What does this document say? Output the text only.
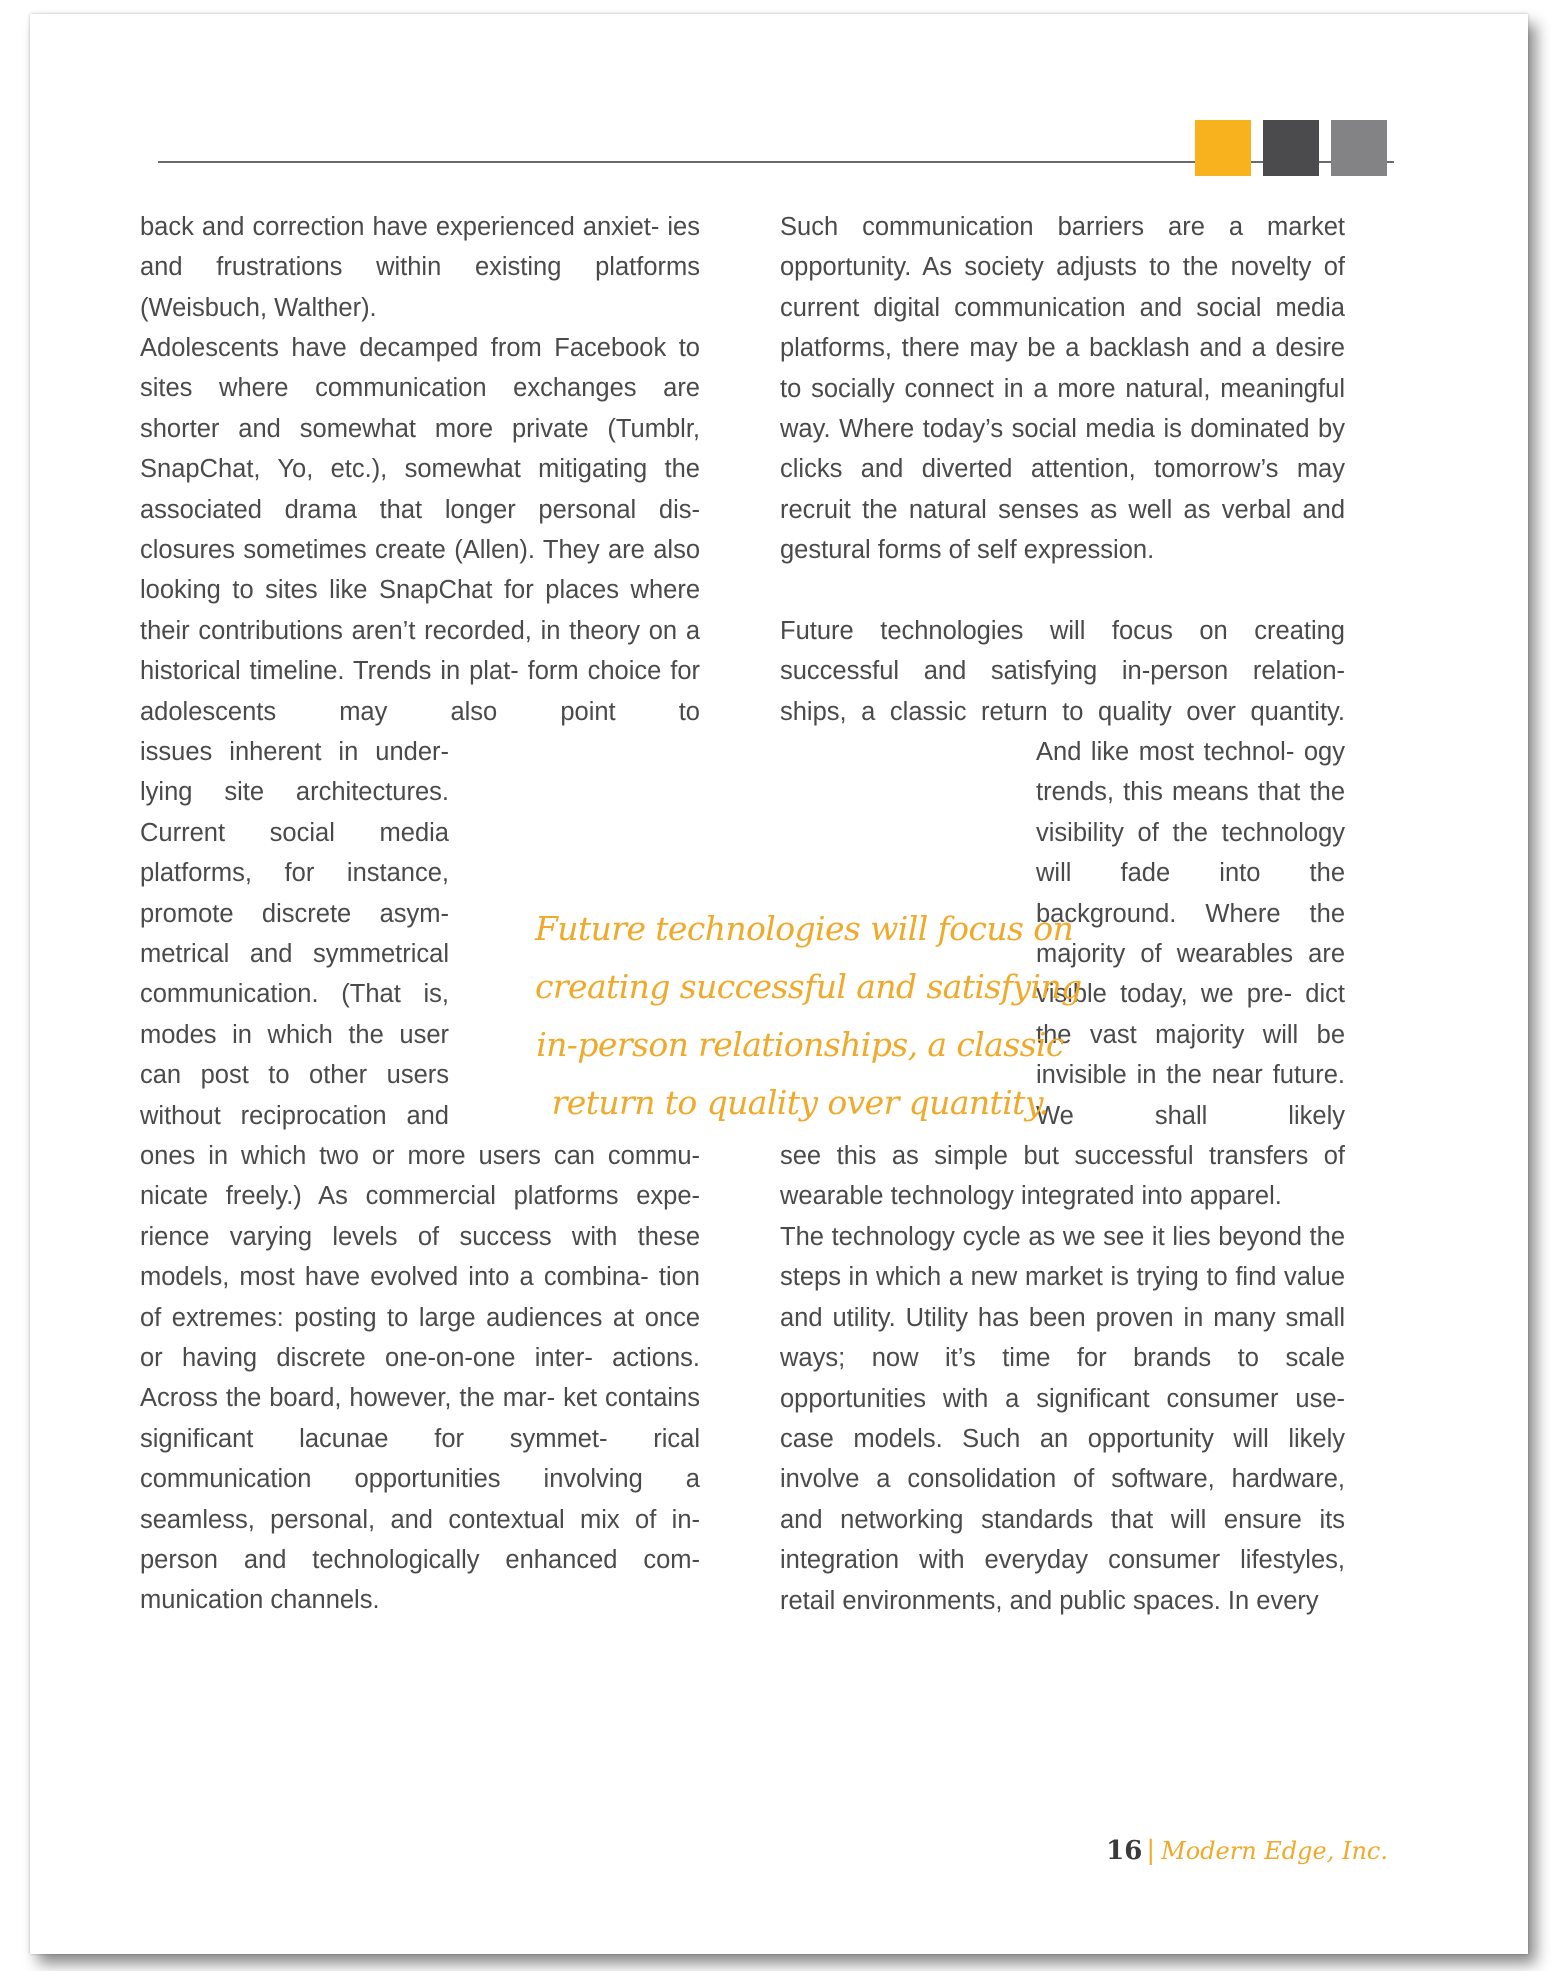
back and correction have experienced anxiet- ies and frustrations within existing platforms (Weisbuch, Walther).
Adolescents have decamped from Facebook to sites where communication exchanges are shorter and somewhat more private (Tumblr, SnapChat, Yo, etc.), somewhat mitigating the associated drama that longer personal dis- closures sometimes create (Allen). They are also looking to sites like SnapChat for places where their contributions aren’t recorded, in theory on a historical timeline. Trends in plat- form choice for adolescents may also point to
issues inherent in under- lying site architectures. Current social media platforms, for instance, promote discrete asym- metrical and symmetrical communication. (That is, modes in which the user can post to other users without reciprocation and
ones in which two or more users can commu- nicate freely.) As commercial platforms expe- rience varying levels of success with these models, most have evolved into a combina- tion of extremes: posting to large audiences at once or having discrete one-on-one inter- actions. Across the board, however, the mar- ket contains significant lacunae for symmet- rical communication opportunities involving a seamless, personal, and contextual mix of in-person and technologically enhanced com- munication channels.
Such communication barriers are a market opportunity. As society adjusts to the novelty of current digital communication and social media platforms, there may be a backlash and a desire to socially connect in a more natural, meaningful way. Where today’s social media is dominated by clicks and diverted attention, tomorrow’s may recruit the natural senses as well as verbal and gestural forms of self expression.
Future technologies will focus on creating successful and satisfying in-person relation- ships, a classic return to quality over quantity.
And like most technol- ogy trends, this means that the visibility of the technology will fade into the background. Where the majority of wearables are visible today, we pre- dict the vast majority will be invisible in the near future. We shall likely
see this as simple but successful transfers of wearable technology integrated into apparel.
The technology cycle as we see it lies beyond the steps in which a new market is trying to find value and utility. Utility has been proven in many small ways; now it’s time for brands to scale opportunities with a significant consumer use- case models. Such an opportunity will likely involve a consolidation of software, hardware, and networking standards that will ensure its integration with everyday consumer lifestyles, retail environments, and public spaces. In every
Future technologies will focus on
creating successful and satisfying
in-person relationships, a classic
return to quality over quantity.
16 | Modern Edge, Inc.
